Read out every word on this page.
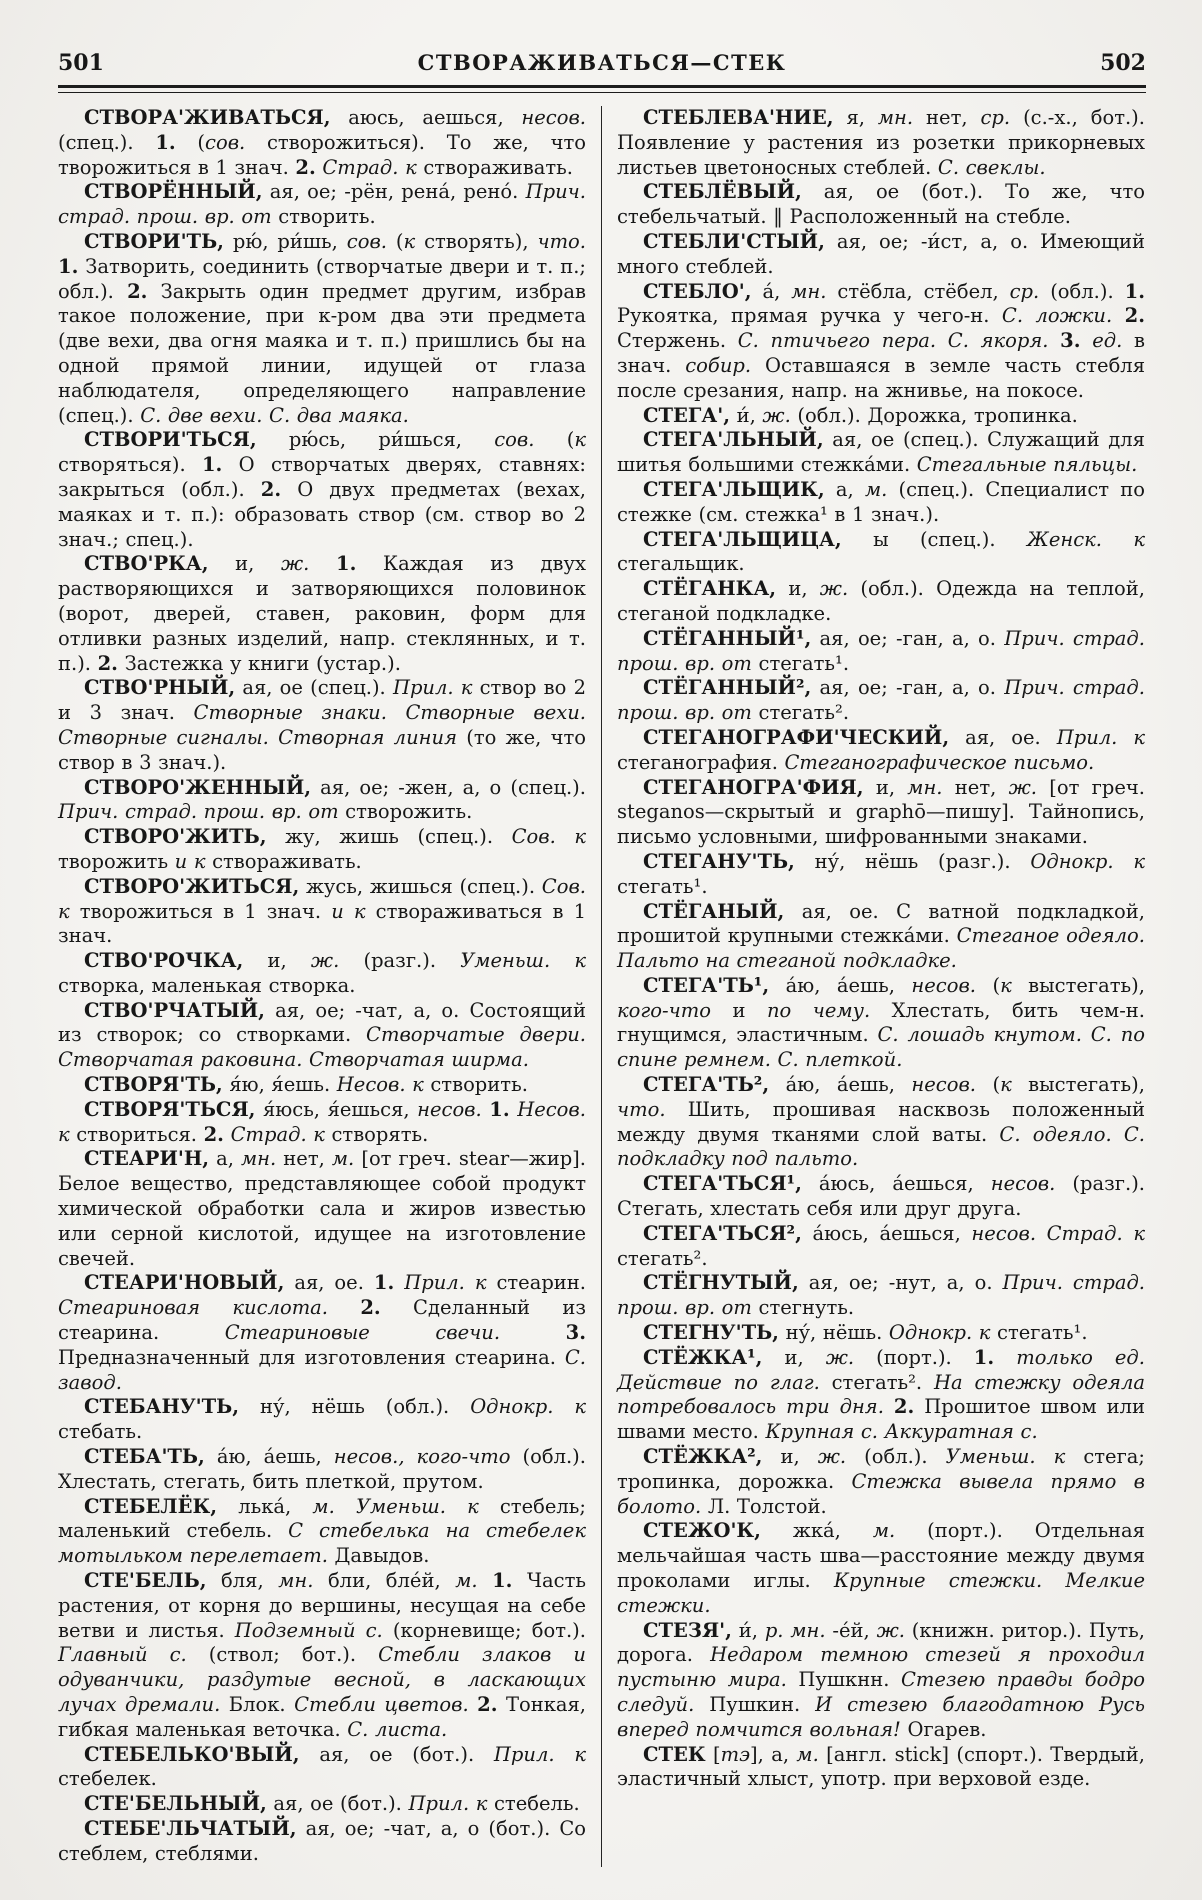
501	СТВОРАЖИВАТЬСЯ—СТЕК	502

СТВОРА'ЖИВАТЬСЯ, аюсь, аешься, несов. (спец.). 1. (сов. створожиться). То же, что творожиться в 1 знач. 2. Страд. к створаживать.

СТВОРЁННЫЙ, ая, ое; -рён, рена́, рено́. Прич. страд. прош. вр. от створить.

СТВОРИ'ТЬ, рю́, ри́шь, сов. (к створять), что. 1. Затворить, соединить (створчатые двери и т. п.; обл.). 2. Закрыть один предмет другим, избрав такое положение, при к-ром два эти предмета (две вехи, два огня маяка и т. п.) пришлись бы на одной прямой линии, идущей от глаза наблюдателя, определяющего направление (спец.). С. две вехи. С. два маяка.

СТВОРИ'ТЬСЯ, рю́сь, ри́шься, сов. (к створяться). 1. О створчатых дверях, ставнях: закрыться (обл.). 2. О двух предметах (вехах, маяках и т. п.): образовать створ (см. створ во 2 знач.; спец.).

СТВО'РКА, и, ж. 1. Каждая из двух растворяющихся и затворяющихся половинок (ворот, дверей, ставен, раковин, форм для отливки разных изделий, напр. стеклянных, и т. п.). 2. Застежка у книги (устар.).

СТВО'РНЫЙ, ая, ое (спец.). Прил. к створ во 2 и 3 знач. Створные знаки. Створные вехи. Створные сигналы. Створная линия (то же, что створ в 3 знач.).

СТВОРО'ЖЕННЫЙ, ая, ое; -жен, а, о (спец.). Прич. страд. прош. вр. от створожить.

СТВОРО'ЖИТЬ, жу, жишь (спец.). Сов. к творожить и к створаживать.

СТВОРО'ЖИТЬСЯ, жусь, жишься (спец.). Сов. к творожиться в 1 знач. и к створаживаться в 1 знач.

СТВО'РОЧКА, и, ж. (разг.). Уменьш. к створка, маленькая створка.

СТВО'РЧАТЫЙ, ая, ое; -чат, а, о. Состоящий из створок; со створками. Створчатые двери. Створчатая раковина. Створчатая ширма.

СТВОРЯ'ТЬ, я́ю, я́ешь. Несов. к створить.

СТВОРЯ'ТЬСЯ, я́юсь, я́ешься, несов. 1. Несов. к створиться. 2. Страд. к створять.

СТЕАРИ'Н, а, мн. нет, м. [от греч. stear—жир]. Белое вещество, представляющее собой продукт химической обработки сала и жиров известью или серной кислотой, идущее на изготовление свечей.

СТЕАРИ'НОВЫЙ, ая, ое. 1. Прил. к стеарин. Стеариновая кислота. 2. Сделанный из стеарина. Стеариновые свечи.	3. Предназначенный для изготовления стеарина. С. завод.

СТЕБАНУ'ТЬ, ну́, нёшь (обл.). Однокр. к стебать.

СТЕБА'ТЬ, а́ю, а́ешь, несов., кого-что (обл.). Хлестать, стегать, бить плеткой, прутом.

СТЕБЕЛЁК, лька́, м. Уменьш. к стебель; маленький стебель. С стебелька на стебелек мотыльком перелетает. Давыдов.

СТЕ'БЕЛЬ, бля, мн. бли, бле́й, м. 1. Часть растения, от корня до вершины, несущая на себе ветви и листья. Подземный с. (корневище; бот.). Главный с. (ствол; бот.). Стебли злаков и одуванчики, раздутые весной, в ласкающих лучах дремали. Блок. Стебли цветов. 2. Тонкая, гибкая маленькая веточка. С. листа.

СТЕБЕЛЬКО'ВЫЙ, ая, ое (бот.). Прил. к стебелек.

СТЕ'БЕЛЬНЫЙ, ая, ое (бот.). Прил. к стебель.

СТЕБЕ'ЛЬЧАТЫЙ, ая, ое; -чат, а, о (бот.). Со стеблем, стеблями.

СТЕБЛЕВА'НИЕ, я, мн. нет, ср. (с.-х., бот.). Появление у растения из розетки прикорневых листьев цветоносных стеблей. С. свеклы.

СТЕБЛЁВЫЙ, ая, ое (бот.). То же, что стебельчатый. ‖ Расположенный на стебле.

СТЕБЛИ'СТЫЙ, ая, ое; -и́ст, а, о. Имеющий много стеблей.

СТЕБЛО', а́, мн. стёбла, стёбел, ср. (обл.). 1. Рукоятка, прямая ручка у чего-н. С. ложки. 2. Стержень. С. птичьего пера. С. якоря. 3. ед. в знач. собир. Оставшаяся в земле часть стебля после срезания, напр. на жнивье, на покосе.

СТЕГА', и́, ж. (обл.). Дорожка, тропинка.

СТЕГА'ЛЬНЫЙ, ая, ое (спец.). Служащий для шитья большими стежка́ми. Стегальные пяльцы.

СТЕГА'ЛЬЩИК, а, м. (спец.). Специалист по стежке (см. стежка¹ в 1 знач.).

СТЕГА'ЛЬЩИЦА, ы (спец.). Женск. к стегальщик.

СТЁГАНКА, и, ж. (обл.). Одежда на теплой, стеганой подкладке.

СТЁГАННЫЙ¹, ая, ое; -ган, а, о. Прич. страд. прош. вр. от стегать¹.

СТЁГАННЫЙ², ая, ое; -ган, а, о. Прич. страд. прош. вр. от стегать².

СТЕГАНОГРАФИ'ЧЕСКИЙ, ая, ое. Прил. к стеганография. Стеганографическое письмо.

СТЕГАНОГРА'ФИЯ, и, мн. нет, ж. [от греч. steganos—скрытый и graphō—пишу]. Тайнопись, письмо условными, шифрованными знаками.

СТЕГАНУ'ТЬ, ну́, нёшь (разг.). Однокр. к стегать¹.

СТЁГАНЫЙ, ая, ое. С ватной подкладкой, прошитой крупными стежка́ми. Стеганое одеяло. Пальто на стеганой подкладке.

СТЕГА'ТЬ¹, а́ю, а́ешь, несов. (к выстегать), кого-что и по чему. Хлестать, бить чем-н. гнущимся, эластичным. С. лошадь кнутом. С. по спине ремнем. С. плеткой.

СТЕГА'ТЬ², а́ю, а́ешь, несов. (к выстегать), что. Шить, прошивая насквозь положенный между двумя тканями слой ваты. С. одеяло. С. подкладку под пальто.

СТЕГА'ТЬСЯ¹, а́юсь, а́ешься, несов. (разг.). Стегать, хлестать себя или друг друга.

СТЕГА'ТЬСЯ², а́юсь, а́ешься, несов. Страд. к стегать².

СТЁГНУТЫЙ, ая, ое; -нут, а, о. Прич. страд. прош. вр. от стегнуть.

СТЕГНУ'ТЬ, ну́, нёшь. Однокр. к стегать¹.

СТЁЖКА¹, и, ж. (порт.). 1. только ед. Действие по глаг. стегать². На стежку одеяла потребовалось три дня. 2. Прошитое швом или швами место. Крупная с. Аккуратная с.

СТЁЖКА², и, ж. (обл.). Уменьш. к стега; тропинка, дорожка. Стежка вывела прямо в болото. Л. Толстой.

СТЕЖО'К, жка́, м. (порт.). Отдельная мельчайшая часть шва—расстояние между двумя проколами иглы. Крупные стежки. Мелкие стежки.

СТЕЗЯ', и́, р. мн. -е́й, ж. (книжн. ритор.). Путь, дорога. Недаром темною стезей я проходил пустыню мира. Пушкнн. Стезею правды бодро следуй. Пушкин. И стезею благодатною Русь вперед помчится вольная! Огарев.

СТЕК [тэ], а, м. [англ. stick] (спорт.). Твердый, эластичный хлыст, употр. при верховой езде.
